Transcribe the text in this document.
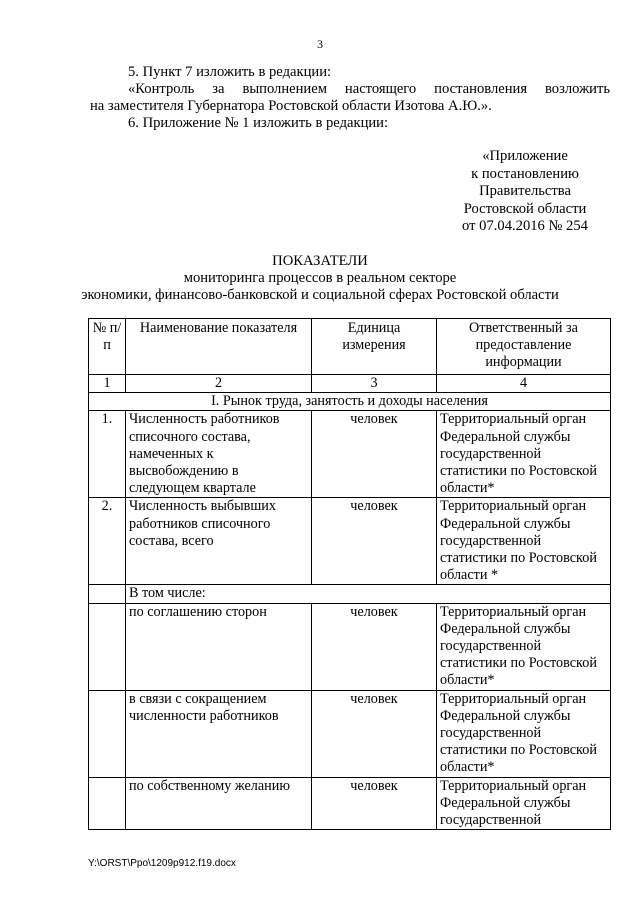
3
5. Пункт 7 изложить в редакции:
«Контроль за выполнением настоящего постановления возложить
на заместителя Губернатора Ростовской области Изотова А.Ю.».
6. Приложение № 1 изложить в редакции:
«Приложение
к постановлению
Правительства
Ростовской области
от 07.04.2016 № 254
ПОКАЗАТЕЛИ
мониторинга процессов в реальном секторе
экономики, финансово-банковской и социальной сферах Ростовской области
№ п/п	Наименование показателя	Единица измерения	Ответственный за предоставление информации
1	2	3	4
I. Рынок труда, занятость и доходы населения			
1.	Численность работников списочного состава, намеченных к высвобождению в следующем квартале	человек	Территориальный орган Федеральной службы государственной статистики по Ростовской области*
2.	Численность выбывших работников списочного состава, всего	человек	Территориальный орган Федеральной службы государственной статистики по Ростовской области *
	В том числе:		
	по соглашению сторон	человек	Территориальный орган Федеральной службы государственной статистики по Ростовской области*
	в связи с сокращением численности работников	человек	Территориальный орган Федеральной службы государственной статистики по Ростовской области*
	по собственному желанию	человек	Территориальный орган Федеральной службы государственной
Y:\ORST\Ppo\1209p912.f19.docx
